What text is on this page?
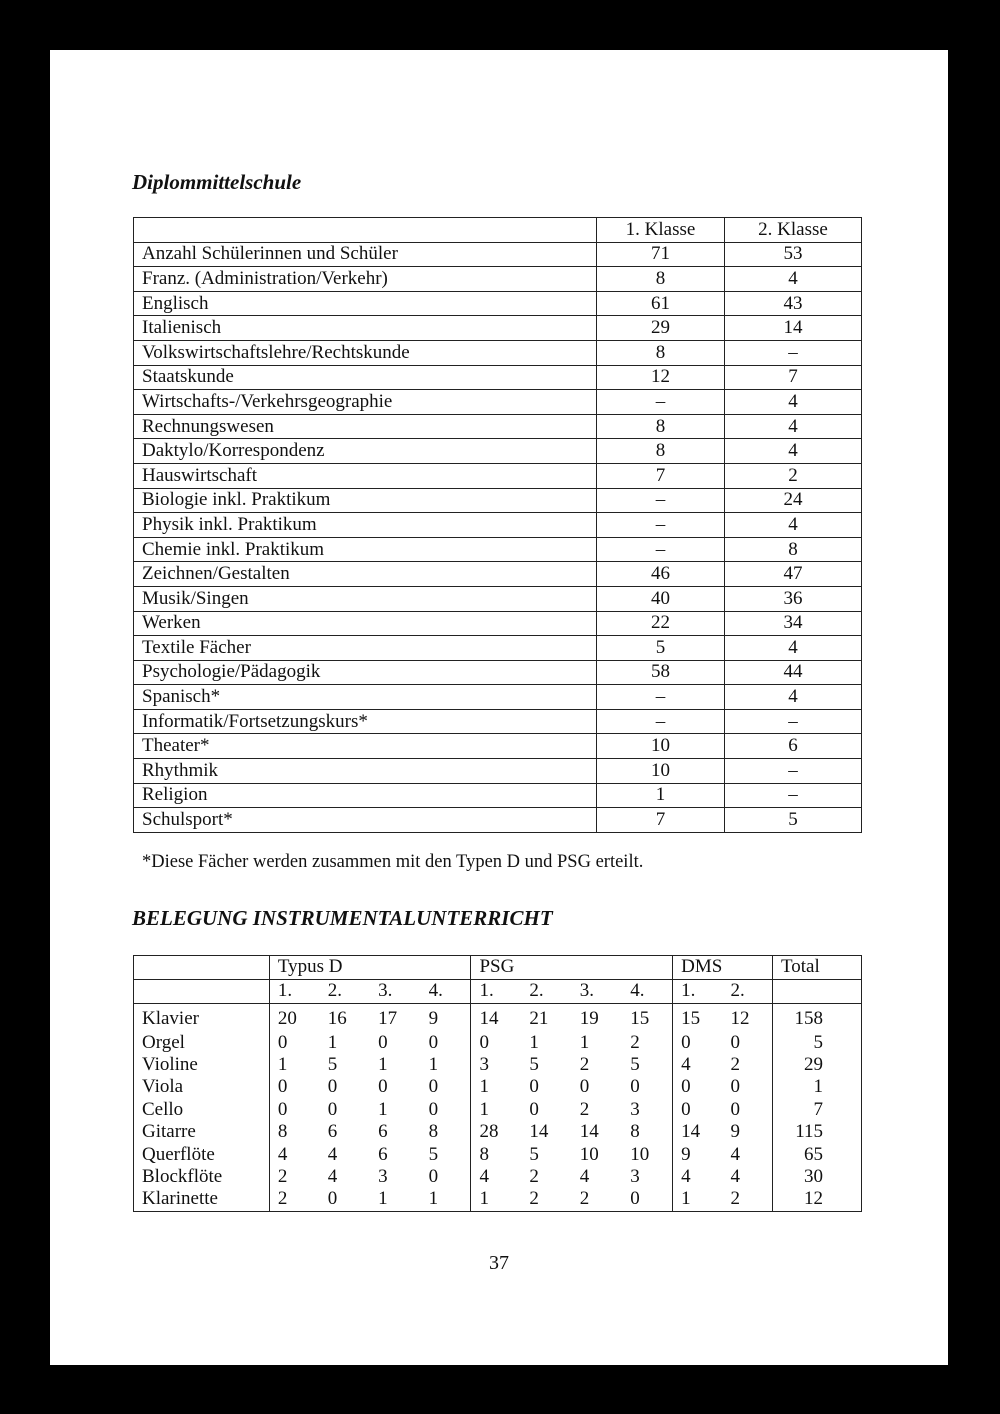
Diplommittelschule
	1. Klasse	2. Klasse
Anzahl Schülerinnen und Schüler	71	53
Franz. (Administration/Verkehr)	8	4
Englisch	61	43
Italienisch	29	14
Volkswirtschaftslehre/Rechtskunde	8	–
Staatskunde	12	7
Wirtschafts-/Verkehrsgeographie	–	4
Rechnungswesen	8	4
Daktylo/Korrespondenz	8	4
Hauswirtschaft	7	2
Biologie inkl. Praktikum	–	24
Physik inkl. Praktikum	–	4
Chemie inkl. Praktikum	–	8
Zeichnen/Gestalten	46	47
Musik/Singen	40	36
Werken	22	34
Textile Fächer	5	4
Psychologie/Pädagogik	58	44
Spanisch*	–	4
Informatik/Fortsetzungskurs*	–	–
Theater*	10	6
Rhythmik	10	–
Religion	1	–
Schulsport*	7	5
*Diese Fächer werden zusammen mit den Typen D und PSG erteilt.
BELEGUNG INSTRUMENTALUNTERRICHT
	Typus D				PSG				DMS		Total
	1.	2.	3.	4.	1.	2.	3.	4.	1.	2.	
Klavier	20	16	17	9	14	21	19	15	15	12	158
Orgel	0	1	0	0	0	1	1	2	0	0	5
Violine	1	5	1	1	3	5	2	5	4	2	29
Viola	0	0	0	0	1	0	0	0	0	0	1
Cello	0	0	1	0	1	0	2	3	0	0	7
Gitarre	8	6	6	8	28	14	14	8	14	9	115
Querflöte	4	4	6	5	8	5	10	10	9	4	65
Blockflöte	2	4	3	0	4	2	4	3	4	4	30
Klarinette	2	0	1	1	1	2	2	0	1	2	12
37
